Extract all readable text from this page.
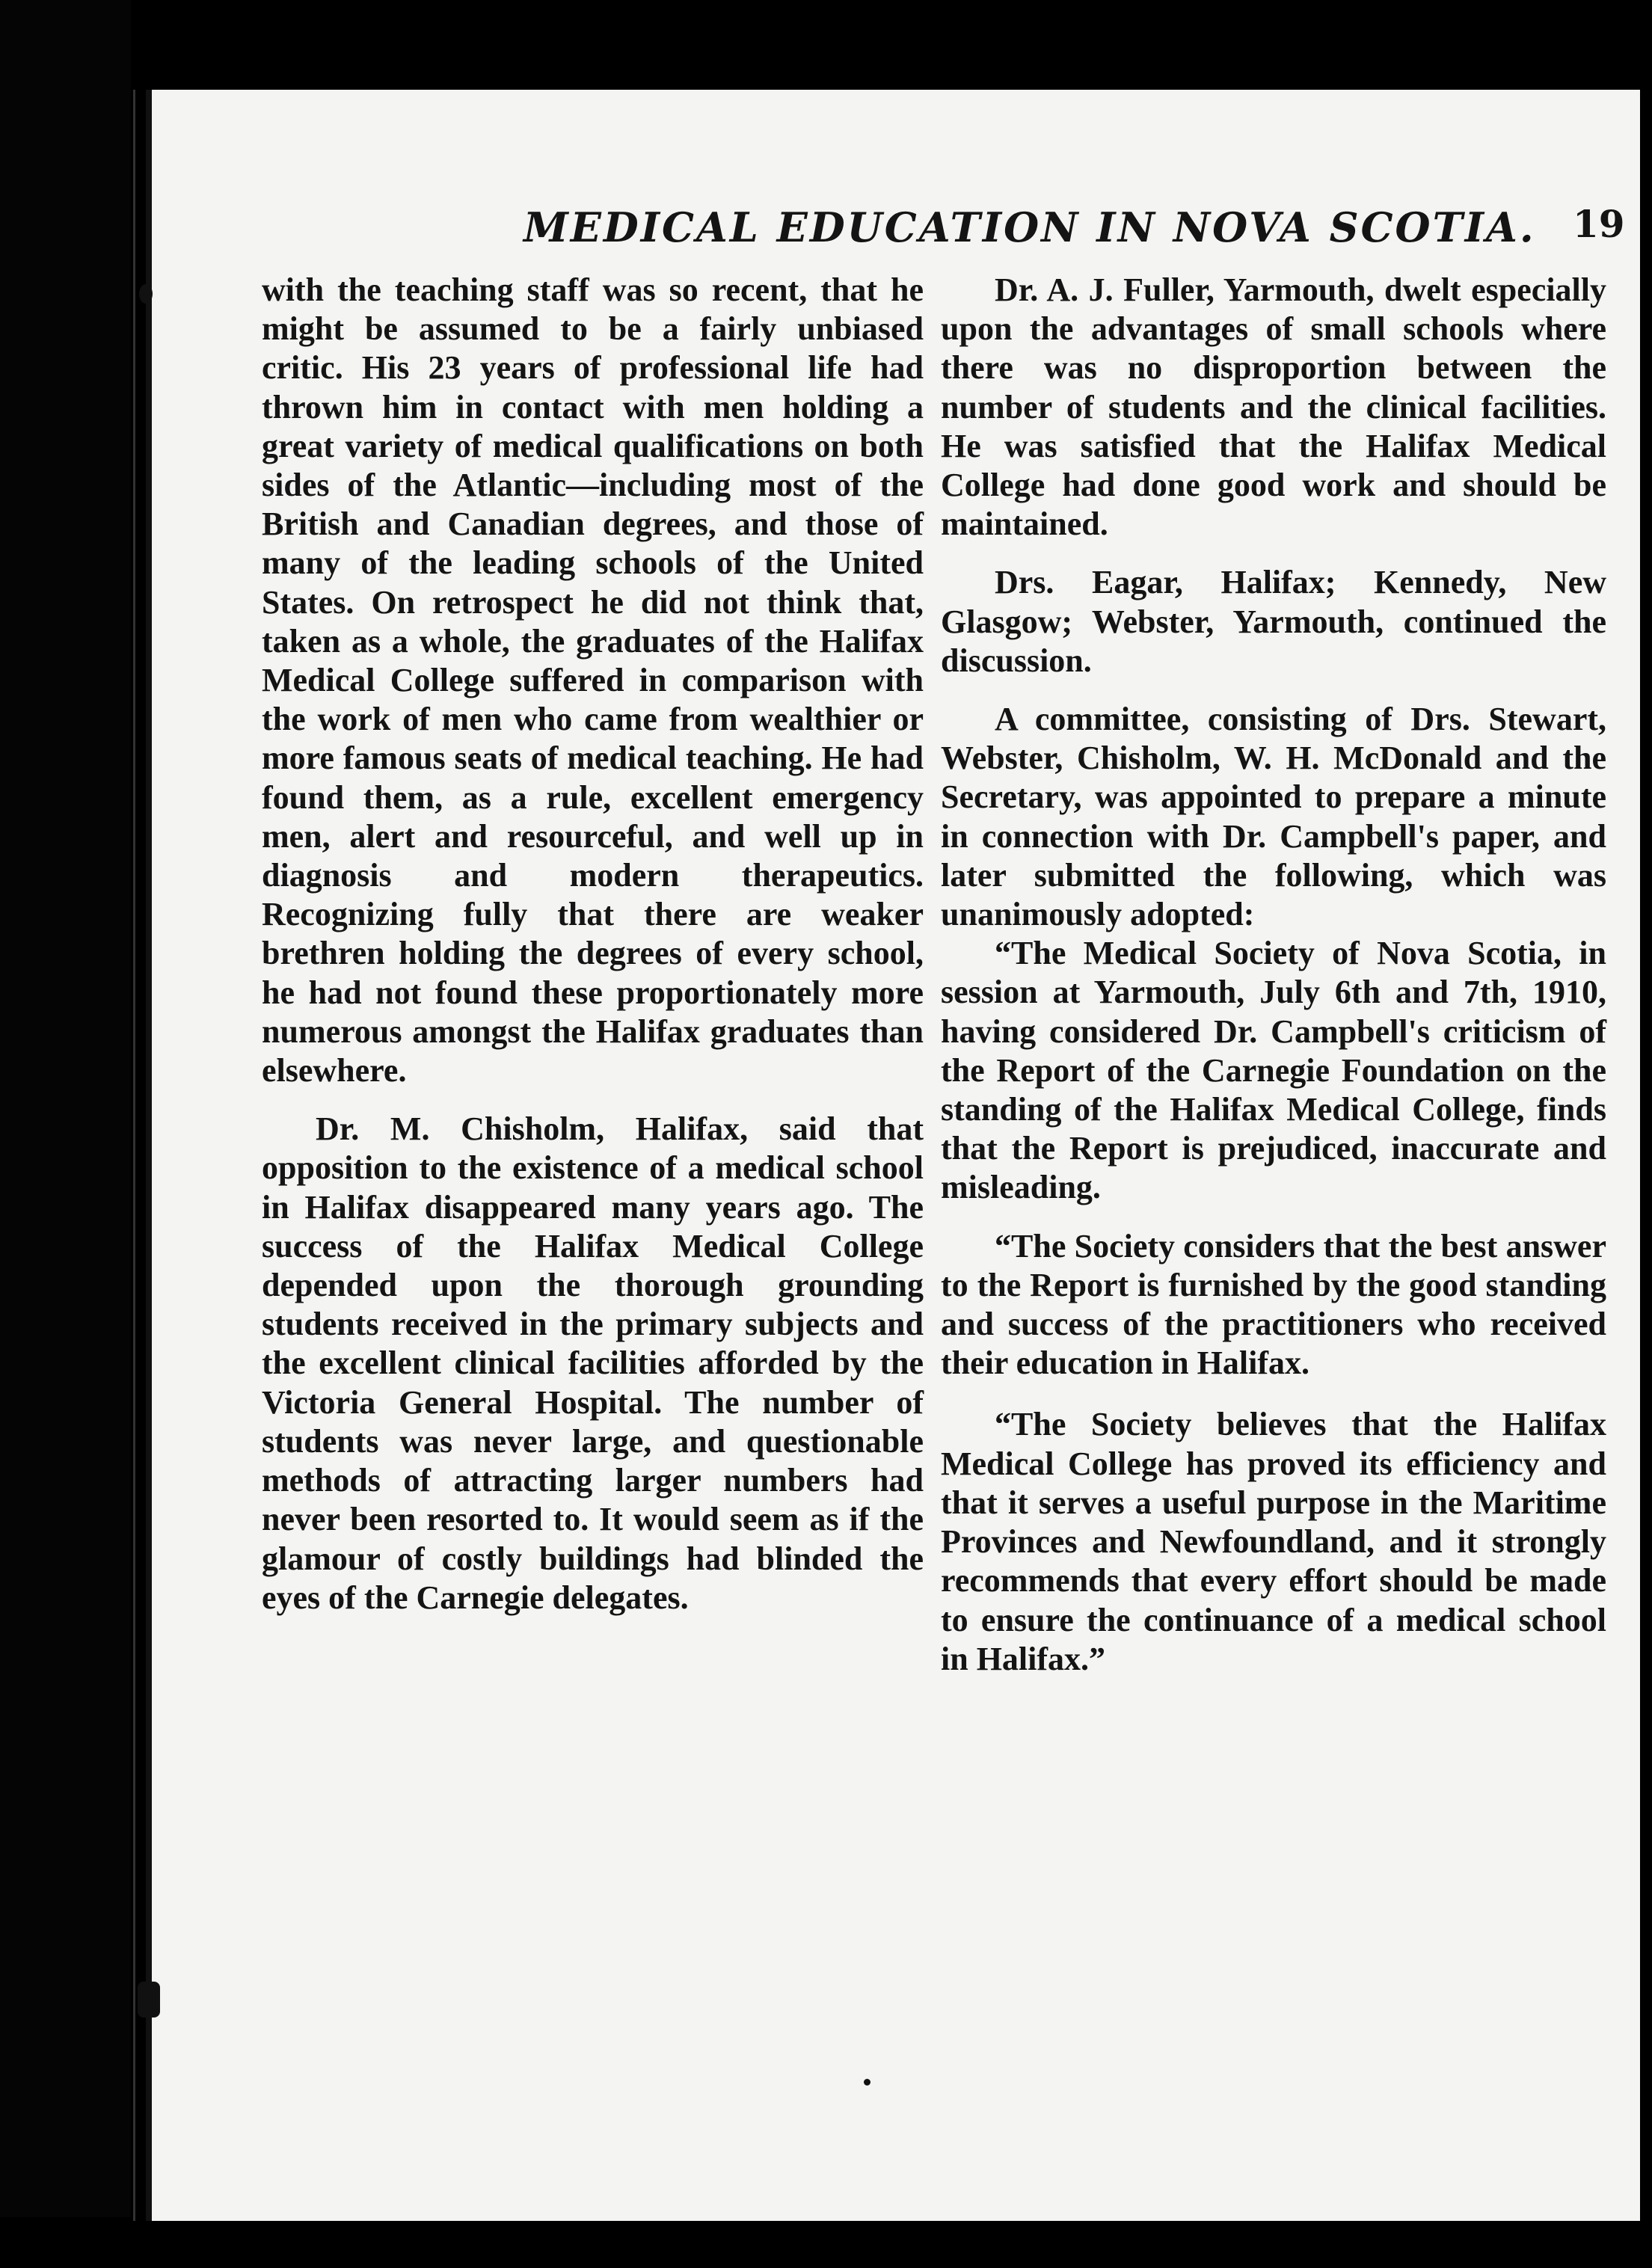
MEDICAL EDUCATION IN NOVA SCOTIA. 19

with the teaching staff was so recent, that he might be assumed to be a fairly unbiased critic. His 23 years of professional life had thrown him in contact with men holding a great variety of medical qualifications on both sides of the Atlantic—including most of the British and Canadian degrees, and those of many of the leading schools of the United States. On retrospect he did not think that, taken as a whole, the graduates of the Halifax Medical College suffered in comparison with the work of men who came from wealthier or more famous seats of medical teaching. He had found them, as a rule, excellent emergency men, alert and resourceful, and well up in diagnosis and modern therapeutics. Recognizing fully that there are weaker brethren holding the degrees of every school, he had not found these proportionately more numerous amongst the Halifax graduates than elsewhere.

Dr. M. Chisholm, Halifax, said that opposition to the existence of a medical school in Halifax disappeared many years ago. The success of the Halifax Medical College depended upon the thorough grounding students received in the primary subjects and the excellent clinical facilities afforded by the Victoria General Hospital. The number of students was never large, and questionable methods of attracting larger numbers had never been resorted to. It would seem as if the glamour of costly buildings had blinded the eyes of the Carnegie delegates.

Dr. A. J. Fuller, Yarmouth, dwelt especially upon the advantages of small schools where there was no disproportion between the number of students and the clinical facilities. He was satisfied that the Halifax Medical College had done good work and should be maintained.

Drs. Eagar, Halifax; Kennedy, New Glasgow; Webster, Yarmouth, continued the discussion.

A committee, consisting of Drs. Stewart, Webster, Chisholm, W. H. McDonald and the Secretary, was appointed to prepare a minute in connection with Dr. Campbell's paper, and later submitted the following, which was unanimously adopted:

“The Medical Society of Nova Scotia, in session at Yarmouth, July 6th and 7th, 1910, having considered Dr. Campbell's criticism of the Report of the Carnegie Foundation on the standing of the Halifax Medical College, finds that the Report is prejudiced, inaccurate and misleading.

“The Society considers that the best answer to the Report is furnished by the good standing and success of the practitioners who received their education in Halifax.

“The Society believes that the Halifax Medical College has proved its efficiency and that it serves a useful purpose in the Maritime Provinces and Newfoundland, and it strongly recommends that every effort should be made to ensure the continuance of a medical school in Halifax.”
